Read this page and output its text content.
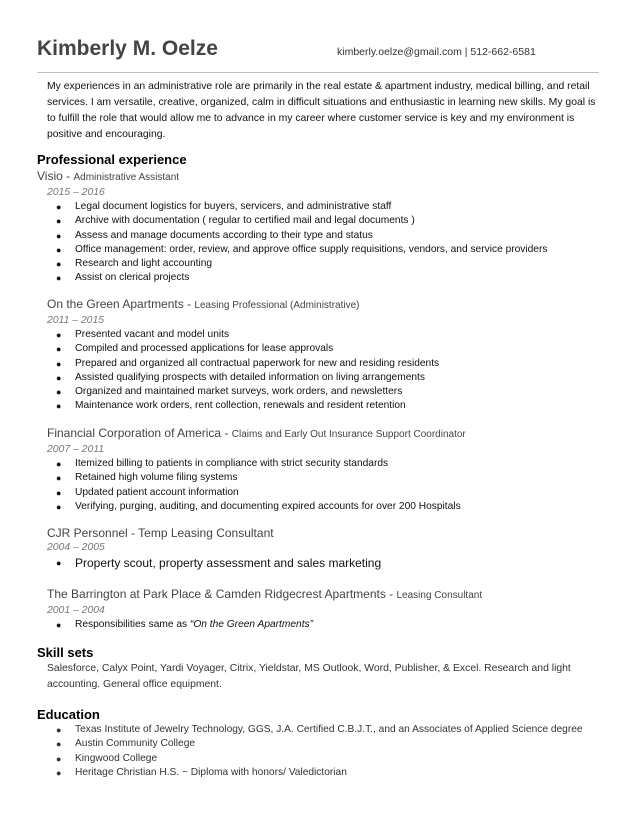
Kimberly M. Oelze	kimberly.oelze@gmail.com | 512-662-6581

My experiences in an administrative role are primarily in the real estate & apartment industry, medical billing, and retail services. I am versatile, creative, organized, calm in difficult situations and enthusiastic in learning new skills. My goal is to fulfill the role that would allow me to advance in my career where customer service is key and my environment is positive and encouraging.

Professional experience
Visio - Administrative Assistant
2015 – 2016
● Legal document logistics for buyers, servicers, and administrative staff
● Archive with documentation ( regular to certified mail and legal documents )
● Assess and manage documents according to their type and status
● Office management: order, review, and approve office supply requisitions, vendors, and service providers
● Research and light accounting
● Assist on clerical projects
On the Green Apartments - Leasing Professional (Administrative)
2011 – 2015
● Presented vacant and model units
● Compiled and processed applications for lease approvals
● Prepared and organized all contractual paperwork for new and residing residents
● Assisted qualifying prospects with detailed information on living arrangements
● Organized and maintained market surveys, work orders, and newsletters
● Maintenance work orders, rent collection, renewals and resident retention
Financial Corporation of America - Claims and Early Out Insurance Support Coordinator
2007 – 2011
● Itemized billing to patients in compliance with strict security standards
● Retained high volume filing systems
● Updated patient account information
● Verifying, purging, auditing, and documenting expired accounts for over 200 Hospitals
CJR Personnel - Temp Leasing Consultant
2004 – 2005
● Property scout, property assessment and sales marketing
The Barrington at Park Place & Camden Ridgecrest Apartments - Leasing Consultant
2001 – 2004
● Responsibilities same as “On the Green Apartments”
Skill sets

Salesforce, Calyx Point, Yardi Voyager, Citrix, Yieldstar, MS Outlook, Word, Publisher, & Excel. Research and light accounting. General office equipment.

Education
● Texas Institute of Jewelry Technology, GGS, J.A. Certified C.B.J.T., and an Associates of Applied Science degree
● Austin Community College
● Kingwood College
● Heritage Christian H.S. ~ Diploma with honors/ Valedictorian
